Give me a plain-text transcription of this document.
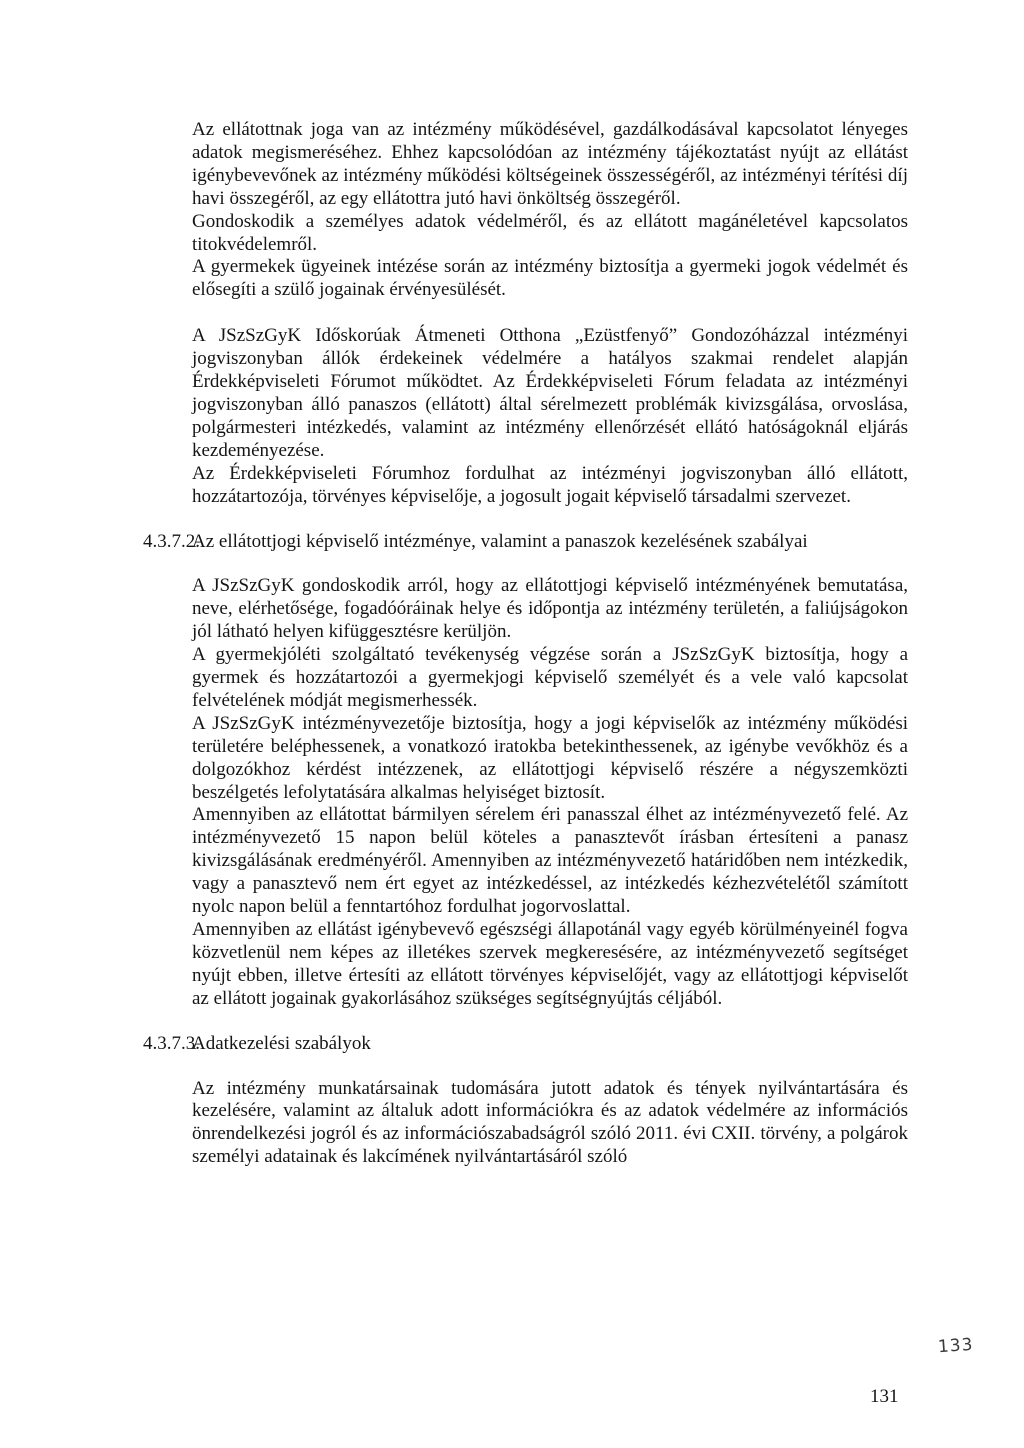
Az ellátottnak joga van az intézmény működésével, gazdálkodásával kapcsolatot lényeges adatok megismeréséhez. Ehhez kapcsolódóan az intézmény tájékoztatást nyújt az ellátást igénybevevőnek az intézmény működési költségeinek összességéről, az intézményi térítési díj havi összegéről, az egy ellátottra jutó havi önköltség összegéről.

Gondoskodik a személyes adatok védelméről, és az ellátott magánéletével kapcsolatos titokvédelemről.

A gyermekek ügyeinek intézése során az intézmény biztosítja a gyermeki jogok védelmét és elősegíti a szülő jogainak érvényesülését.

A JSzSzGyK Időskorúak Átmeneti Otthona „Ezüstfenyő” Gondozóházzal intézményi jogviszonyban állók érdekeinek védelmére a hatályos szakmai rendelet alapján Érdekképviseleti Fórumot működtet. Az Érdekképviseleti Fórum feladata az intézményi jogviszonyban álló panaszos (ellátott) által sérelmezett problémák kivizsgálása, orvoslása, polgármesteri intézkedés, valamint az intézmény ellenőrzését ellátó hatóságoknál eljárás kezdeményezése.

Az Érdekképviseleti Fórumhoz fordulhat az intézményi jogviszonyban álló ellátott, hozzátartozója, törvényes képviselője, a jogosult jogait képviselő társadalmi szervezet.

4.3.7.2.
Az ellátottjogi képviselő intézménye, valamint a panaszok kezelésének szabályai

A JSzSzGyK gondoskodik arról, hogy az ellátottjogi képviselő intézményének bemutatása, neve, elérhetősége, fogadóóráinak helye és időpontja az intézmény területén, a faliújságokon jól látható helyen kifüggesztésre kerüljön.

A gyermekjóléti szolgáltató tevékenység végzése során a JSzSzGyK biztosítja, hogy a gyermek és hozzátartozói a gyermekjogi képviselő személyét és a vele való kapcsolat felvételének módját megismerhessék.

A JSzSzGyK intézményvezetője biztosítja, hogy a jogi képviselők az intézmény működési területére beléphessenek, a vonatkozó iratokba betekinthessenek, az igénybe vevőkhöz és a dolgozókhoz kérdést intézzenek, az ellátottjogi képviselő részére a négyszemközti beszélgetés lefolytatására alkalmas helyiséget biztosít.

Amennyiben az ellátottat bármilyen sérelem éri panasszal élhet az intézményvezető felé. Az intézményvezető 15 napon belül köteles a panasztevőt írásban értesíteni a panasz kivizsgálásának eredményéről. Amennyiben az intézményvezető határidőben nem intézkedik, vagy a panasztevő nem ért egyet az intézkedéssel, az intézkedés kézhezvételétől számított nyolc napon belül a fenntartóhoz fordulhat jogorvoslattal.

Amennyiben az ellátást igénybevevő egészségi állapotánál vagy egyéb körülményeinél fogva közvetlenül nem képes az illetékes szervek megkeresésére, az intézményvezető segítséget nyújt ebben, illetve értesíti az ellátott törvényes képviselőjét, vagy az ellátottjogi képviselőt az ellátott jogainak gyakorlásához szükséges segítségnyújtás céljából.

4.3.7.3.
Adatkezelési szabályok

Az intézmény munkatársainak tudomására jutott adatok és tények nyilvántartására és kezelésére, valamint az általuk adott információkra és az adatok védelmére az információs önrendelkezési jogról és az információszabadságról szóló 2011. évi CXII. törvény, a polgárok személyi adatainak és lakcímének nyilvántartásáról szóló

133
131
